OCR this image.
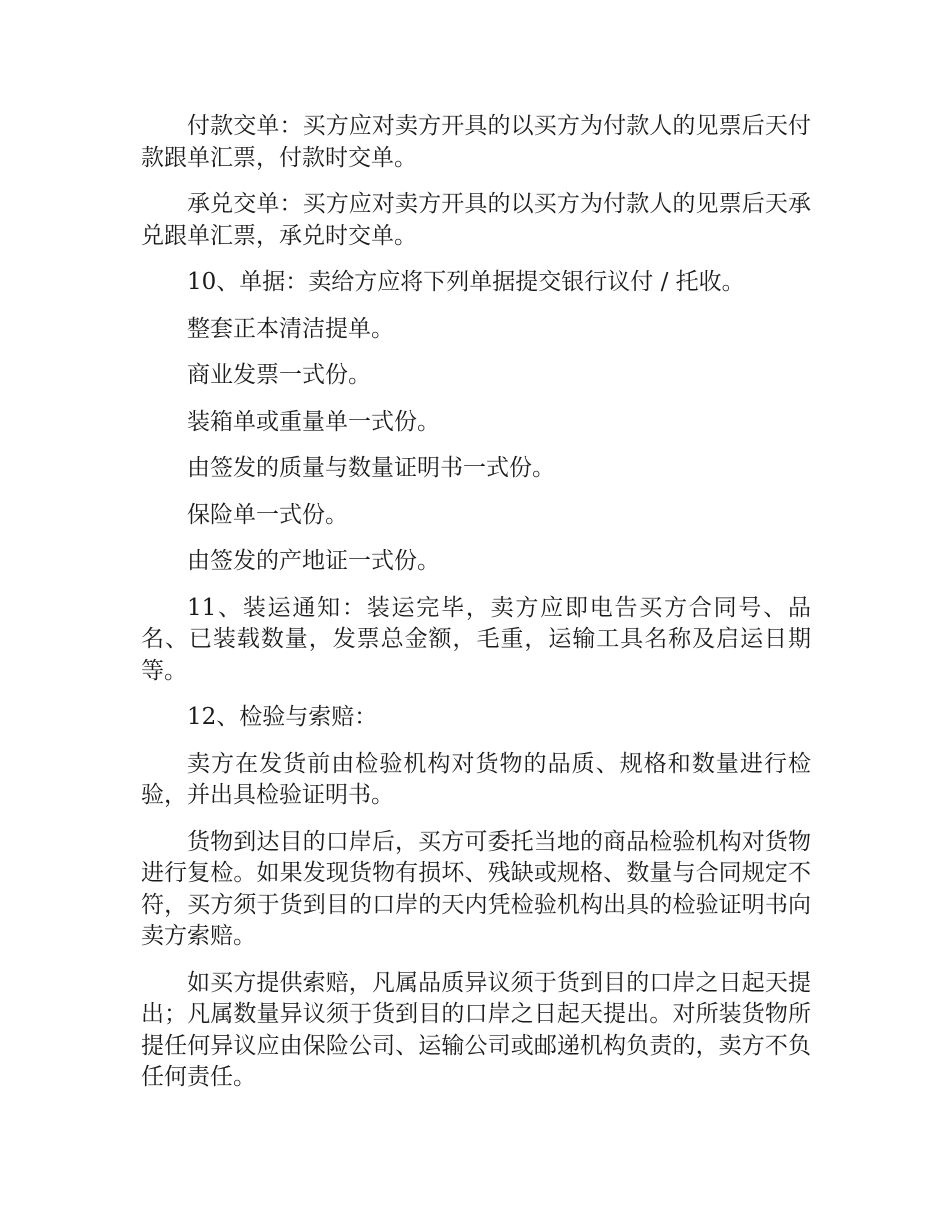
付款交单：买方应对卖方开具的以买方为付款人的见票后天付款跟单汇票，付款时交单。

承兑交单：买方应对卖方开具的以买方为付款人的见票后天承兑跟单汇票，承兑时交单。

10、单据：卖给方应将下列单据提交银行议付 / 托收。

整套正本清洁提单。

商业发票一式份。

装箱单或重量单一式份。

由签发的质量与数量证明书一式份。

保险单一式份。

由签发的产地证一式份。

11、装运通知：装运完毕，卖方应即电告买方合同号、品名、已装载数量，发票总金额，毛重，运输工具名称及启运日期等。

12、检验与索赔：

卖方在发货前由检验机构对货物的品质、规格和数量进行检验，并出具检验证明书。

货物到达目的口岸后，买方可委托当地的商品检验机构对货物进行复检。如果发现货物有损坏、残缺或规格、数量与合同规定不符，买方须于货到目的口岸的天内凭检验机构出具的检验证明书向卖方索赔。

如买方提供索赔，凡属品质异议须于货到目的口岸之日起天提出；凡属数量异议须于货到目的口岸之日起天提出。对所装货物所提任何异议应由保险公司、运输公司或邮递机构负责的，卖方不负任何责任。
